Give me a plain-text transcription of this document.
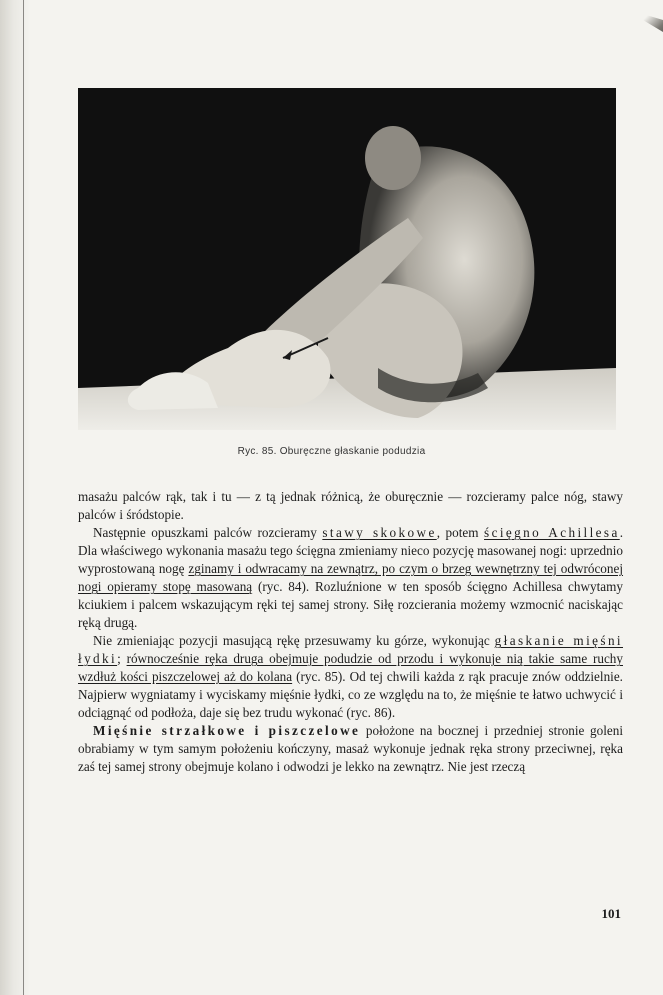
Ryc. 85. Oburęczne głaskanie podudzia

masażu palców rąk, tak i tu — z tą jednak różnicą, że oburęcznie — rozcieramy palce nóg, stawy palców i śródstopie.

Następnie opuszkami palców rozcieramy stawy skokowe, potem ścięgno Achillesa. Dla właściwego wykonania masażu tego ścięgna zmieniamy nieco pozycję masowanej nogi: uprzednio wyprostowaną nogę zginamy i odwracamy na zewnątrz, po czym o brzeg wewnętrzny tej odwróconej nogi opieramy stopę masowaną (ryc. 84). Rozluźnione w ten sposób ścięgno Achillesa chwytamy kciukiem i palcem wskazującym ręki tej samej strony. Siłę rozcierania możemy wzmocnić naciskając ręką drugą.

Nie zmieniając pozycji masującą rękę przesuwamy ku górze, wykonując głaskanie mięśni łydki; równocześnie ręka druga obejmuje podudzie od przodu i wykonuje nią takie same ruchy wzdłuż kości piszczelowej aż do kolana (ryc. 85). Od tej chwili każda z rąk pracuje znów oddzielnie. Najpierw wygniatamy i wyciskamy mięśnie łydki, co ze względu na to, że mięśnie te łatwo uchwycić i odciągnąć od podłoża, daje się bez trudu wykonać (ryc. 86).

Mięśnie strzałkowe i piszczelowe położone na bocznej i przedniej stronie goleni obrabiamy w tym samym położeniu kończyny, masaż wykonuje jednak ręka strony przeciwnej, ręka zaś tej samej strony obejmuje kolano i odwodzi je lekko na zewnątrz. Nie jest rzeczą

101
